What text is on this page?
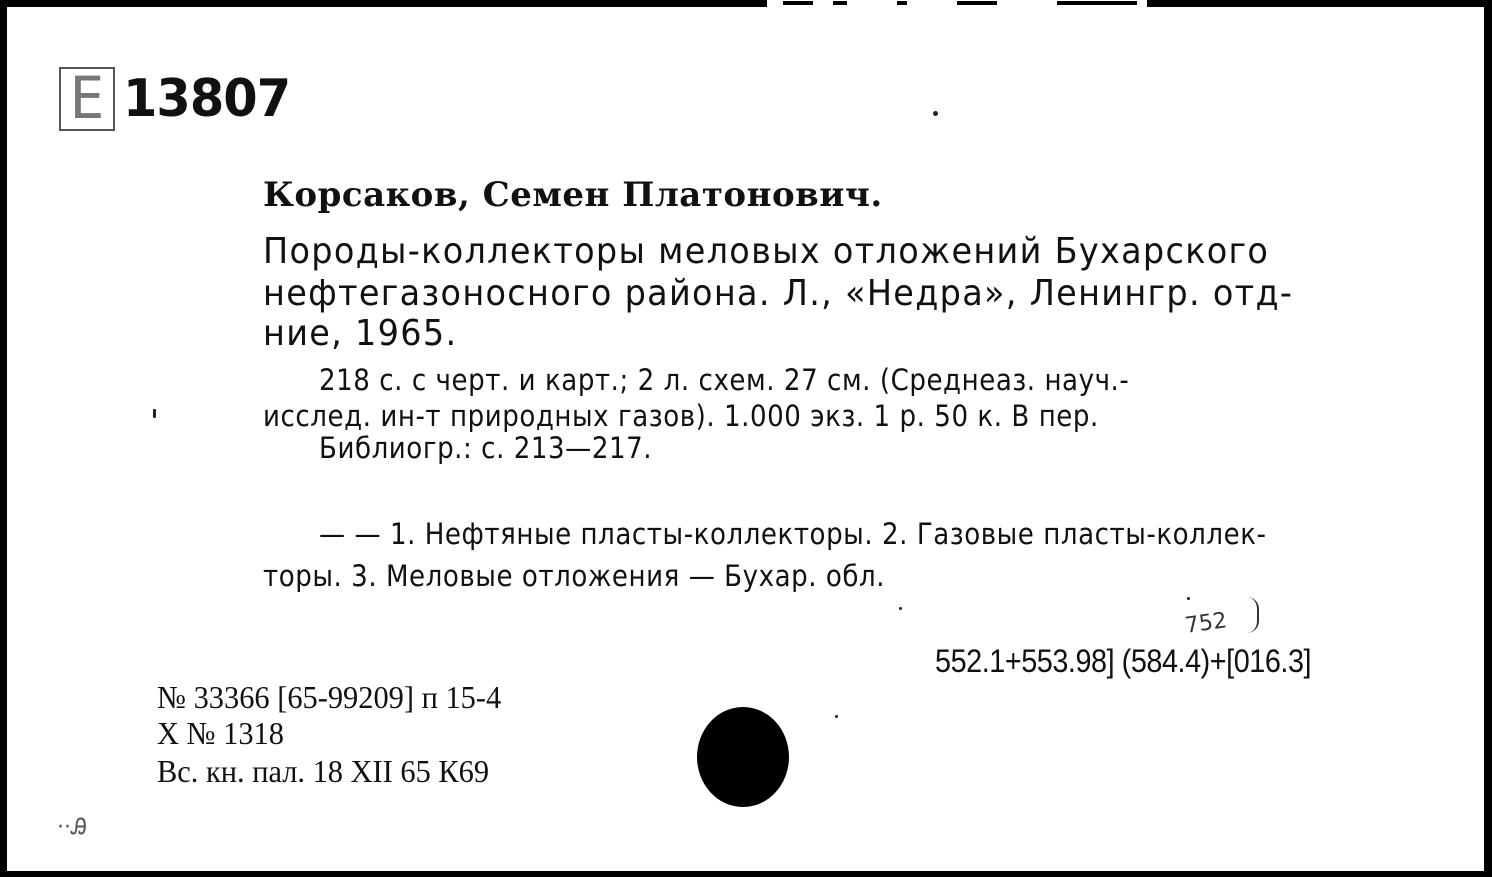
Е 13807
Корсаков, Семен Платонович.
Породы-коллекторы меловых отложений Бухарского
нефтегазоносного района. Л., «Недра», Ленингр. отд-
ние, 1965.
218 с. с черт. и карт.; 2 л. схем. 27 см. (Среднеаз. науч.-
исслед. ин-т природных газов). 1.000 экз. 1 р. 50 к. В пер.
Библиогр.: с. 213—217.
— — 1. Нефтяные пласты-коллекторы. 2. Газовые пласты-коллек-
торы. 3. Меловые отложения — Бухар. обл.
752
552.1+553.98] (584.4)+[016.3]
№ 33366 [65-99209] п 15-4
Х № 1318
Вс. кн. пал. 18 XII 65 К69
··Ꭿ
